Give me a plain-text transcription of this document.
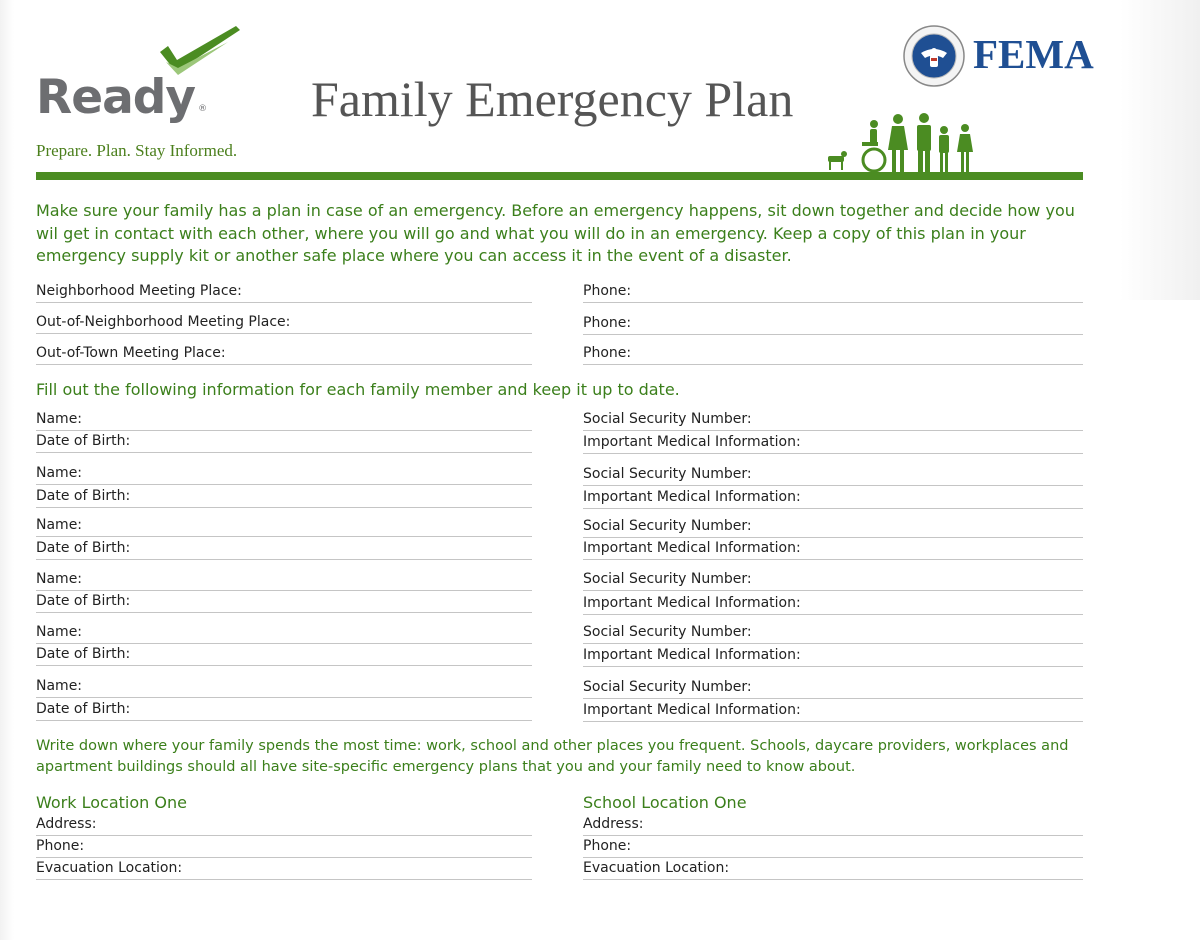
Ready ®
Prepare. Plan. Stay Informed.
Family Emergency Plan
FEMA

Make sure your family has a plan in case of an emergency. Before an emergency happens, sit down together and decide how you wil get in contact with each other, where you will go and what you will do in an emergency. Keep a copy of this plan in your emergency supply kit or another safe place where you can access it in the event of a disaster.

Neighborhood Meeting Place:	Phone:
Out-of-Neighborhood Meeting Place:	Phone:
Out-of-Town Meeting Place:	Phone:

Fill out the following information for each family member and keep it up to date.

Name:	Social Security Number:
Date of Birth:	Important Medical Information:
Name:	Social Security Number:
Date of Birth:	Important Medical Information:
Name:	Social Security Number:
Date of Birth:	Important Medical Information:
Name:	Social Security Number:
Date of Birth:	Important Medical Information:
Name:	Social Security Number:
Date of Birth:	Important Medical Information:
Name:	Social Security Number:
Date of Birth:	Important Medical Information:

Write down where your family spends the most time: work, school and other places you frequent. Schools, daycare providers, workplaces and apartment buildings should all have site-specific emergency plans that you and your family need to know about.

Work Location One	School Location One
Address:	Address:
Phone:	Phone:
Evacuation Location:	Evacuation Location:
